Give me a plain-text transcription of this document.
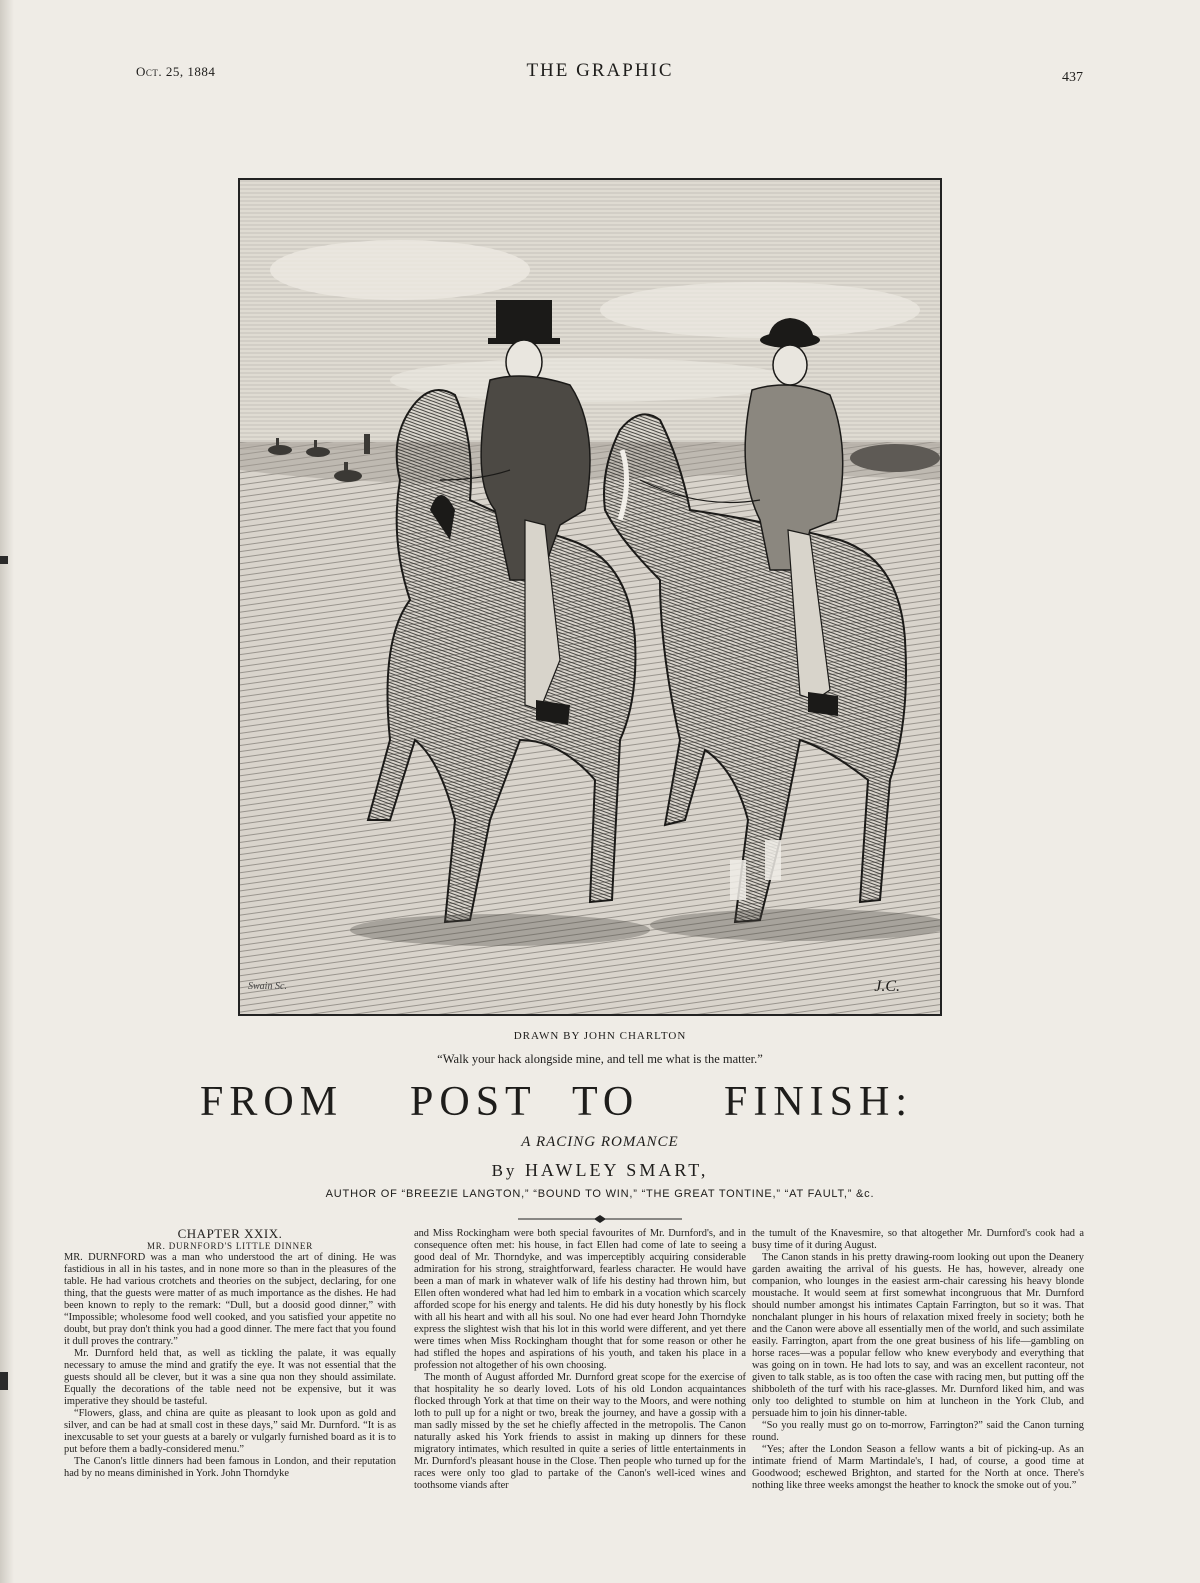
Oct. 25, 1884	THE GRAPHIC	437
Swain Sc.	J.C.
DRAWN BY JOHN CHARLTON
“Walk your hack alongside mine, and tell me what is the matter.”
FROM POST TO FINISH:
A RACING ROMANCE
By HAWLEY SMART,
AUTHOR OF “BREEZIE LANGTON,” “BOUND TO WIN,” “THE GREAT TONTINE,” “AT FAULT,” &c.

CHAPTER XXIX.

MR. DURNFORD'S LITTLE DINNER

MR. DURNFORD was a man who understood the art of dining. He was fastidious in all in his tastes, and in none more so than in the pleasures of the table. He had various crotchets and theories on the subject, declaring, for one thing, that the guests were matter of as much importance as the dishes. He had been known to reply to the remark: “Dull, but a doosid good dinner,” with “Impossible; wholesome food well cooked, and you satisfied your appetite no doubt, but pray don't think you had a good dinner. The mere fact that you found it dull proves the contrary.”

Mr. Durnford held that, as well as tickling the palate, it was equally necessary to amuse the mind and gratify the eye. It was not essential that the guests should all be clever, but it was a sine qua non they should assimilate. Equally the decorations of the table need not be expensive, but it was imperative they should be tasteful.

“Flowers, glass, and china are quite as pleasant to look upon as gold and silver, and can be had at small cost in these days,” said Mr. Durnford. “It is as inexcusable to set your guests at a barely or vulgarly furnished board as it is to put before them a badly-considered menu.”

The Canon's little dinners had been famous in London, and their reputation had by no means diminished in York. John Thorndyke

and Miss Rockingham were both special favourites of Mr. Durnford's, and in consequence often met: his house, in fact Ellen had come of late to seeing a good deal of Mr. Thorndyke, and was imperceptibly acquiring considerable admiration for his strong, straightforward, fearless character. He would have been a man of mark in whatever walk of life his destiny had thrown him, but Ellen often wondered what had led him to embark in a vocation which scarcely afforded scope for his energy and talents. He did his duty honestly by his flock with all his heart and with all his soul. No one had ever heard John Thorndyke express the slightest wish that his lot in this world were different, and yet there were times when Miss Rockingham thought that for some reason or other he had stifled the hopes and aspirations of his youth, and taken his place in a profession not altogether of his own choosing.

The month of August afforded Mr. Durnford great scope for the exercise of that hospitality he so dearly loved. Lots of his old London acquaintances flocked through York at that time on their way to the Moors, and were nothing loth to pull up for a night or two, break the journey, and have a gossip with a man sadly missed by the set he chiefly affected in the metropolis. The Canon naturally asked his York friends to assist in making up dinners for these migratory intimates, which resulted in quite a series of little entertainments in Mr. Durnford's pleasant house in the Close. Then people who turned up for the races were only too glad to partake of the Canon's well-iced wines and toothsome viands after

the tumult of the Knavesmire, so that altogether Mr. Durnford's cook had a busy time of it during August.

The Canon stands in his pretty drawing-room looking out upon the Deanery garden awaiting the arrival of his guests. He has, however, already one companion, who lounges in the easiest arm-chair caressing his heavy blonde moustache. It would seem at first somewhat incongruous that Mr. Durnford should number amongst his intimates Captain Farrington, but so it was. That nonchalant plunger in his hours of relaxation mixed freely in society; both he and the Canon were above all essentially men of the world, and such assimilate easily. Farrington, apart from the one great business of his life—gambling on horse races—was a popular fellow who knew everybody and everything that was going on in town. He had lots to say, and was an excellent raconteur, not given to talk stable, as is too often the case with racing men, but putting off the shibboleth of the turf with his race-glasses. Mr. Durnford liked him, and was only too delighted to stumble on him at luncheon in the York Club, and persuade him to join his dinner-table.

“So you really must go on to-morrow, Farrington?” said the Canon turning round.

“Yes; after the London Season a fellow wants a bit of picking-up. As an intimate friend of Marm Martindale's, I had, of course, a good time at Goodwood; eschewed Brighton, and started for the North at once. There's nothing like three weeks amongst the heather to knock the smoke out of you.”
